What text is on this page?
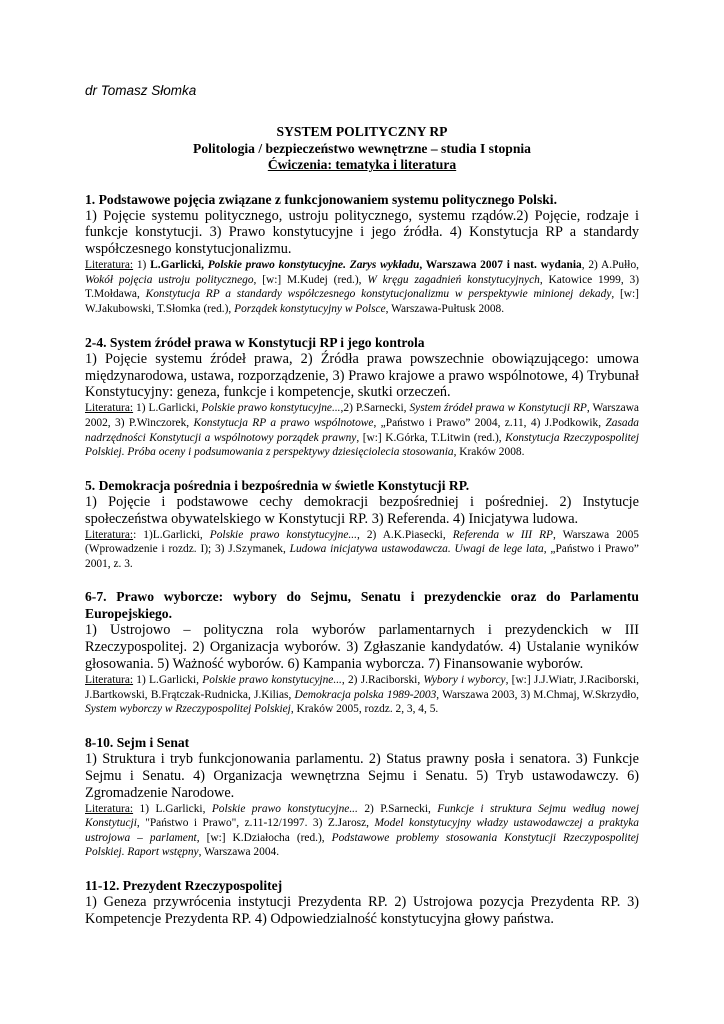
dr Tomasz Słomka
SYSTEM POLITYCZNY RP
Politologia / bezpieczeństwo wewnętrzne – studia I stopnia
Ćwiczenia: tematyka i literatura
1. Podstawowe pojęcia związane z funkcjonowaniem systemu politycznego Polski.
1) Pojęcie systemu politycznego, ustroju politycznego, systemu rządów.2) Pojęcie, rodzaje i funkcje konstytucji. 3) Prawo konstytucyjne i jego źródła. 4) Konstytucja RP a standardy współczesnego konstytucjonalizmu.
Literatura: 1) L.Garlicki, Polskie prawo konstytucyjne. Zarys wykładu, Warszawa 2007 i nast. wydania, 2) A.Pułło, Wokół pojęcia ustroju politycznego, [w:] M.Kudej (red.), W kręgu zagadnień konstytucyjnych, Katowice 1999, 3) T.Mołdawa, Konstytucja RP a standardy współczesnego konstytucjonalizmu w perspektywie minionej dekady, [w:] W.Jakubowski, T.Słomka (red.), Porządek konstytucyjny w Polsce, Warszawa-Pułtusk 2008.
2-4. System źródeł prawa w Konstytucji RP i jego kontrola
1) Pojęcie systemu źródeł prawa, 2) Źródła prawa powszechnie obowiązującego: umowa międzynarodowa, ustawa, rozporządzenie, 3) Prawo krajowe a prawo wspólnotowe, 4) Trybunał Konstytucyjny: geneza, funkcje i kompetencje, skutki orzeczeń.
Literatura: 1) L.Garlicki, Polskie prawo konstytucyjne...,2) P.Sarnecki, System źródeł prawa w Konstytucji RP, Warszawa 2002, 3) P.Winczorek, Konstytucja RP a prawo wspólnotowe, „Państwo i Prawo” 2004, z.11, 4) J.Podkowik, Zasada nadrzędności Konstytucji a wspólnotowy porządek prawny, [w:] K.Górka, T.Litwin (red.), Konstytucja Rzeczypospolitej Polskiej. Próba oceny i podsumowania z perspektywy dziesięciolecia stosowania, Kraków 2008.
5. Demokracja pośrednia i bezpośrednia w świetle Konstytucji RP.
1) Pojęcie i podstawowe cechy demokracji bezpośredniej i pośredniej. 2) Instytucje społeczeństwa obywatelskiego w Konstytucji RP. 3) Referenda. 4) Inicjatywa ludowa.
Literatura:: 1)L.Garlicki, Polskie prawo konstytucyjne..., 2) A.K.Piasecki, Referenda w III RP, Warszawa 2005 (Wprowadzenie i rozdz. I); 3) J.Szymanek, Ludowa inicjatywa ustawodawcza. Uwagi de lege lata, „Państwo i Prawo” 2001, z. 3.
6-7. Prawo wyborcze: wybory do Sejmu, Senatu i prezydenckie oraz do Parlamentu Europejskiego.
1) Ustrojowo – polityczna rola wyborów parlamentarnych i prezydenckich w III Rzeczypospolitej. 2) Organizacja wyborów. 3) Zgłaszanie kandydatów. 4) Ustalanie wyników głosowania. 5) Ważność wyborów. 6) Kampania wyborcza. 7) Finansowanie wyborów.
Literatura: 1) L.Garlicki, Polskie prawo konstytucyjne..., 2) J.Raciborski, Wybory i wyborcy, [w:] J.J.Wiatr, J.Raciborski, J.Bartkowski, B.Frątczak-Rudnicka, J.Kilias, Demokracja polska 1989-2003, Warszawa 2003, 3) M.Chmaj, W.Skrzydło, System wyborczy w Rzeczypospolitej Polskiej, Kraków 2005, rozdz. 2, 3, 4, 5.
8-10. Sejm i Senat
1) Struktura i tryb funkcjonowania parlamentu. 2) Status prawny posła i senatora. 3) Funkcje Sejmu i Senatu. 4) Organizacja wewnętrzna Sejmu i Senatu. 5) Tryb ustawodawczy. 6) Zgromadzenie Narodowe.
Literatura: 1) L.Garlicki, Polskie prawo konstytucyjne... 2) P.Sarnecki, Funkcje i struktura Sejmu według nowej Konstytucji, "Państwo i Prawo", z.11-12/1997. 3) Z.Jarosz, Model konstytucyjny władzy ustawodawczej a praktyka ustrojowa – parlament, [w:] K.Działocha (red.), Podstawowe problemy stosowania Konstytucji Rzeczypospolitej Polskiej. Raport wstępny, Warszawa 2004.
11-12. Prezydent Rzeczypospolitej
1) Geneza przywrócenia instytucji Prezydenta RP. 2) Ustrojowa pozycja Prezydenta RP. 3) Kompetencje Prezydenta RP. 4) Odpowiedzialność konstytucyjna głowy państwa.
